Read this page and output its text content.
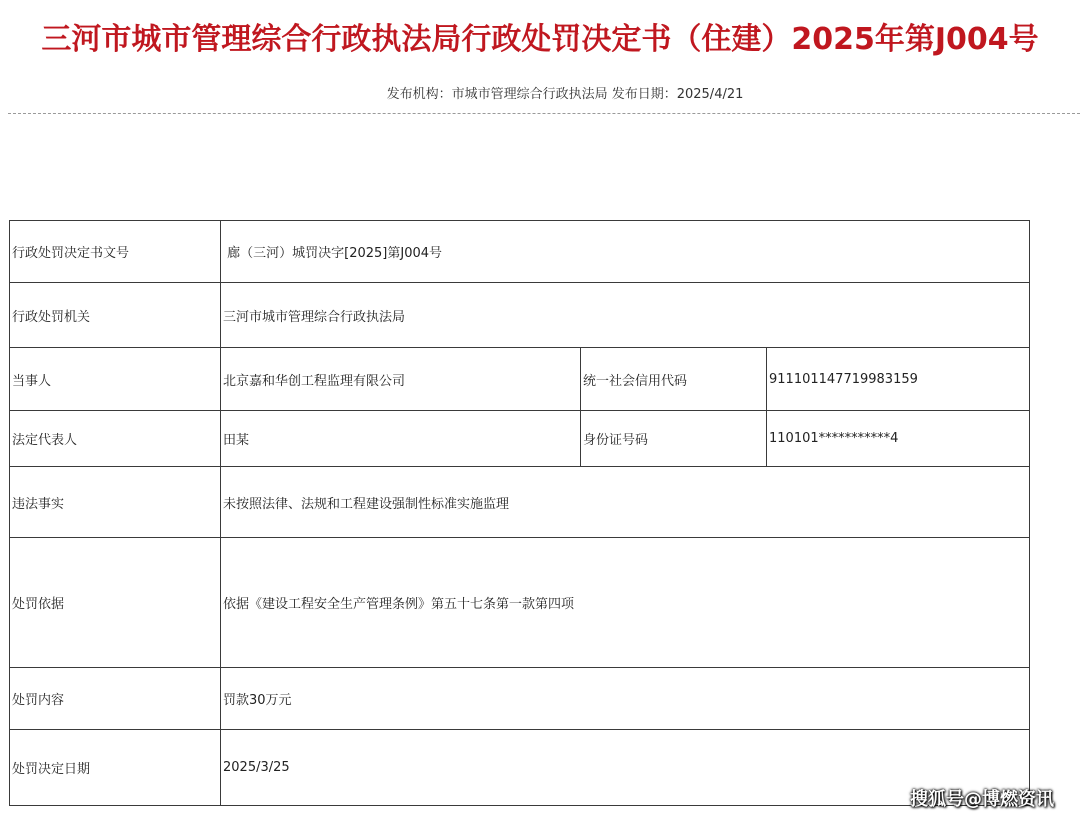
三河市城市管理综合行政执法局行政处罚决定书（住建）2025年第J004号
发布机构：市城市管理综合行政执法局 发布日期：2025/4/21
行政处罚决定书文号	廊（三河）城罚决字[2025]第J004号		
行政处罚机关	三河市城市管理综合行政执法局		
当事人	北京嘉和华创工程监理有限公司	统一社会信用代码	911101147719983159
法定代表人	田某	身份证号码	110101***********4
违法事实	未按照法律、法规和工程建设强制性标准实施监理		
处罚依据	依据《建设工程安全生产管理条例》第五十七条第一款第四项		
处罚内容	罚款30万元		
处罚决定日期	2025/3/25		
搜狐号@博燃资讯
